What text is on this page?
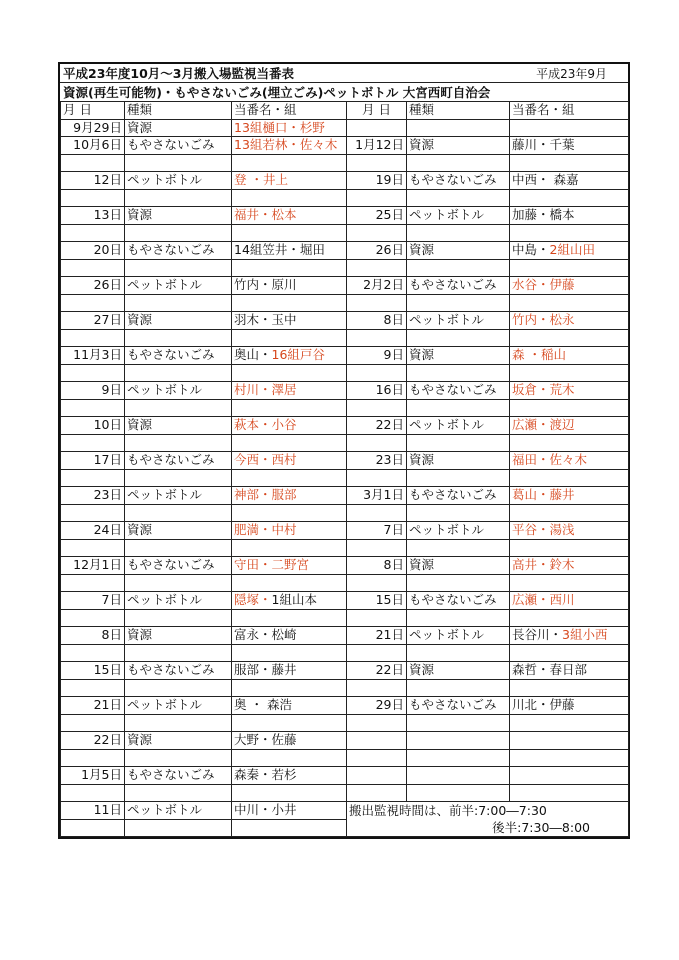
平成23年度10月～3月搬入場監視当番表	平成23年9月
資源(再生可能物)・もやさないごみ(埋立ごみ)ペットボトル 大宮西町自治会
月 日	種類	当番名・組	月 日	種類	当番名・組
9月29日	資源	13組樋口・杉野			
10月6日	もやさないごみ	13組若林・佐々木	1月12日	資源	藤川・千葉

12日	ペットボトル	登 ・井上	19日	もやさないごみ	中西・ 森嘉

13日	資源	福井・松本	25日	ペットボトル	加藤・橋本

20日	もやさないごみ	14組笠井・堀田	26日	資源	中島・2組山田

26日	ペットボトル	竹内・原川	2月2日	もやさないごみ	水谷・伊藤

27日	資源	羽木・玉中	8日	ペットボトル	竹内・松永

11月3日	もやさないごみ	奥山・16組戸谷	9日	資源	森 ・稲山

9日	ペットボトル	村川・澤居	16日	もやさないごみ	坂倉・荒木

10日	資源	萩本・小谷	22日	ペットボトル	広瀬・渡辺

17日	もやさないごみ	今西・西村	23日	資源	福田・佐々木

23日	ペットボトル	神部・服部	3月1日	もやさないごみ	葛山・藤井

24日	資源	肥満・中村	7日	ペットボトル	平谷・湯浅

12月1日	もやさないごみ	守田・二野宮	8日	資源	高井・鈴木

7日	ペットボトル	隠塚・1組山本	15日	もやさないごみ	広瀬・西川

8日	資源	富永・松崎	21日	ペットボトル	長谷川・3組小西

15日	もやさないごみ	服部・藤井	22日	資源	森哲・春日部

21日	ペットボトル	奥 ・ 森浩	29日	もやさないごみ	川北・伊藤

22日	資源	大野・佐藤			

1月5日	もやさないごみ	森秦・若杉			

11日	ペットボトル	中川・小井	搬出監視時間は、前半:7:00―7:30		
			後半:7:30―8:00		
